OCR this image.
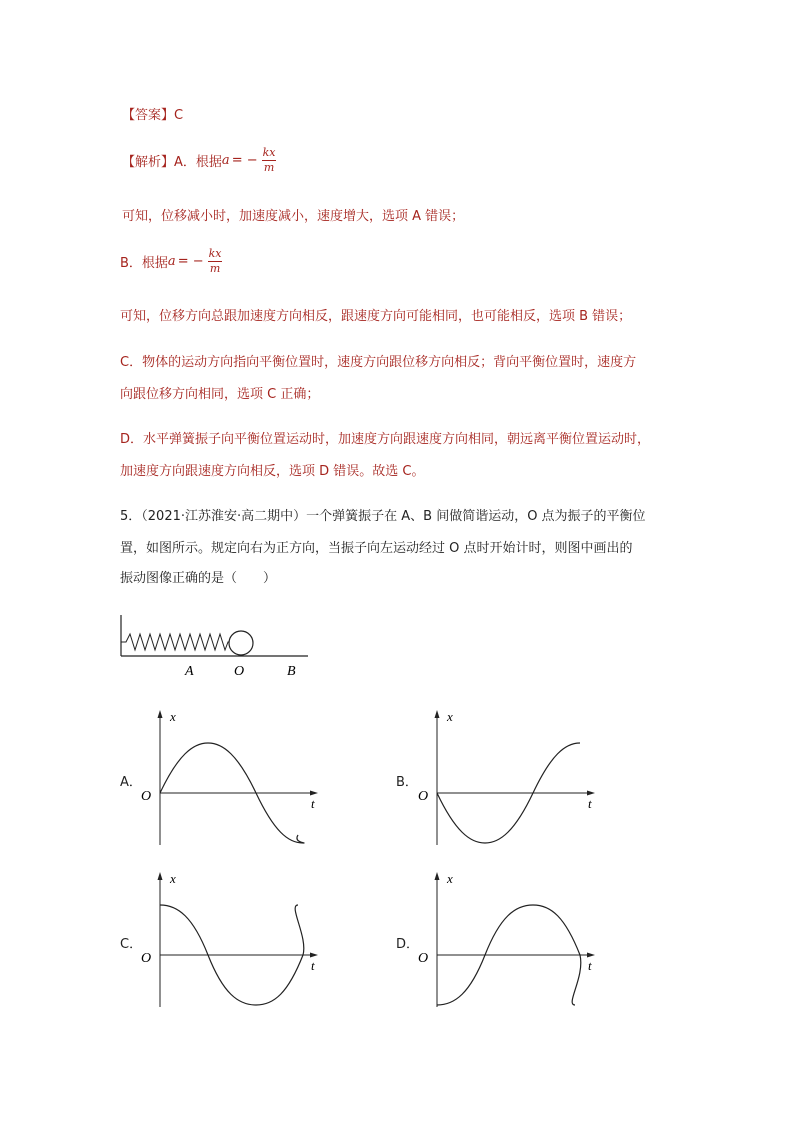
【答案】C
【解析】 A．根据 a = − $\frac{kx}{m}$
可知，位移减小时，加速度减小，速度增大，选项 A 错误；
B．根据 a = − $\frac{kx}{m}$
可知，位移方向总跟加速度方向相反，跟速度方向可能相同，也可能相反，选项 B 错误；
C．物体的运动方向指向平衡位置时，速度方向跟位移方向相反；背向平衡位置时，速度方
向跟位移方向相同，选项 C 正确；
D．水平弹簧振子向平衡位置运动时，加速度方向跟速度方向相同，朝远离平衡位置运动时，
加速度方向跟速度方向相反，选项 D 错误。故选 C。
5．（2021·江苏淮安·高二期中）一个弹簧振子在 A、B 间做简谐运动，O 点为振子的平衡位
置，如图所示。规定向右为正方向，当振子向左运动经过 O 点时开始计时，则图中画出的
振动图像正确的是（　　）
A	O	B
A．
x
t
O
B．
x
t
O
C．
x
t
O
D．
x
t
O
